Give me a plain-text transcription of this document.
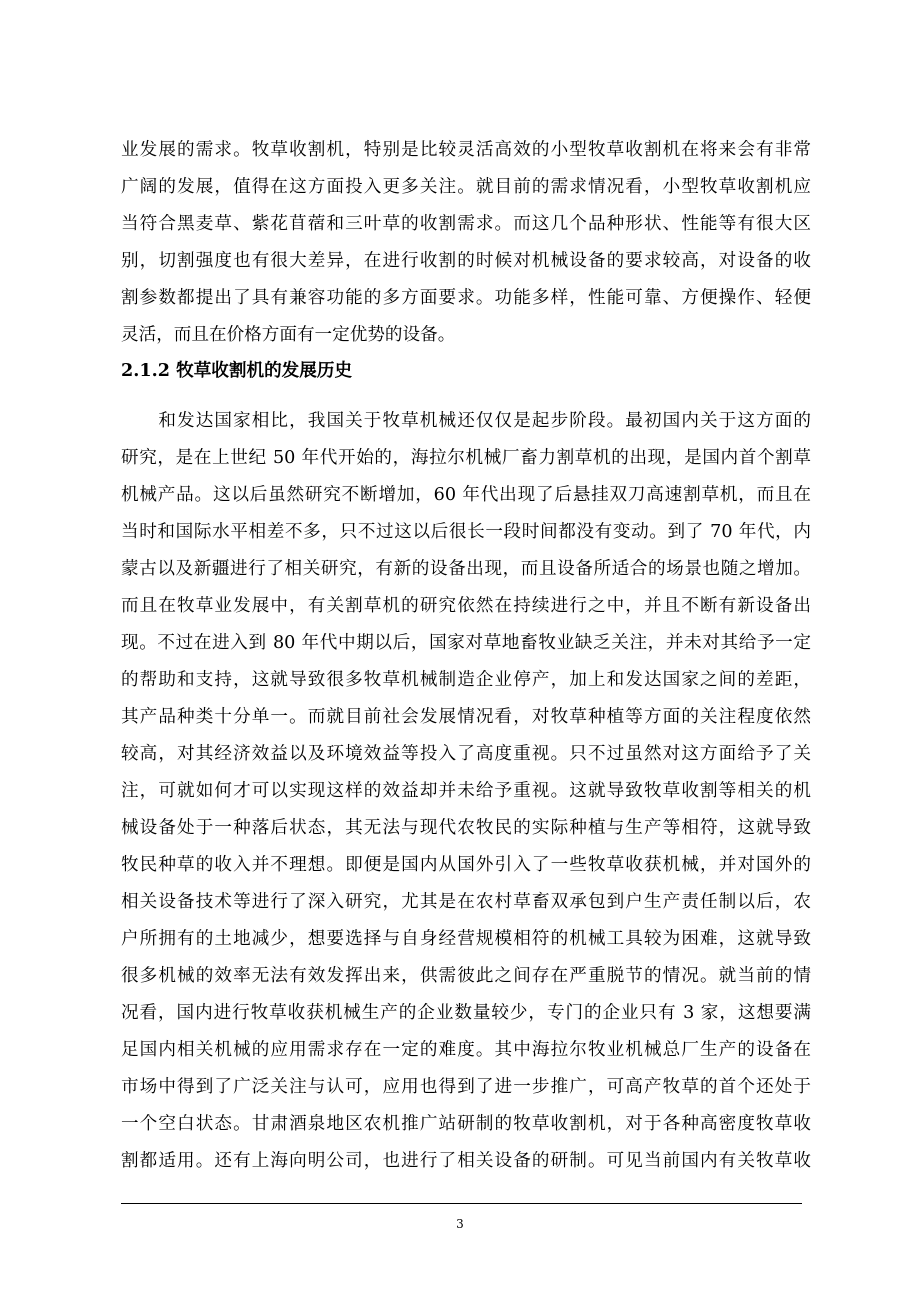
业发展的需求。牧草收割机，特别是比较灵活高效的小型牧草收割机在将来会有非常
广阔的发展，值得在这方面投入更多关注。就目前的需求情况看，小型牧草收割机应
当符合黑麦草、紫花苜蓿和三叶草的收割需求。而这几个品种形状、性能等有很大区
别，切割强度也有很大差异，在进行收割的时候对机械设备的要求较高，对设备的收
割参数都提出了具有兼容功能的多方面要求。功能多样，性能可靠、方便操作、轻便
灵活，而且在价格方面有一定优势的设备。
2.1.2 牧草收割机的发展历史
　　和发达国家相比，我国关于牧草机械还仅仅是起步阶段。最初国内关于这方面的
研究，是在上世纪 50 年代开始的，海拉尔机械厂畜力割草机的出现，是国内首个割草
机械产品。这以后虽然研究不断增加，60 年代出现了后悬挂双刀高速割草机，而且在
当时和国际水平相差不多，只不过这以后很长一段时间都没有变动。到了 70 年代，内
蒙古以及新疆进行了相关研究，有新的设备出现，而且设备所适合的场景也随之增加。
而且在牧草业发展中，有关割草机的研究依然在持续进行之中，并且不断有新设备出
现。不过在进入到 80 年代中期以后，国家对草地畜牧业缺乏关注，并未对其给予一定
的帮助和支持，这就导致很多牧草机械制造企业停产，加上和发达国家之间的差距，
其产品种类十分单一。而就目前社会发展情况看，对牧草种植等方面的关注程度依然
较高，对其经济效益以及环境效益等投入了高度重视。只不过虽然对这方面给予了关
注，可就如何才可以实现这样的效益却并未给予重视。这就导致牧草收割等相关的机
械设备处于一种落后状态，其无法与现代农牧民的实际种植与生产等相符，这就导致
牧民种草的收入并不理想。即便是国内从国外引入了一些牧草收获机械，并对国外的
相关设备技术等进行了深入研究，尤其是在农村草畜双承包到户生产责任制以后，农
户所拥有的土地减少，想要选择与自身经营规模相符的机械工具较为困难，这就导致
很多机械的效率无法有效发挥出来，供需彼此之间存在严重脱节的情况。就当前的情
况看，国内进行牧草收获机械生产的企业数量较少，专门的企业只有 3 家，这想要满
足国内相关机械的应用需求存在一定的难度。其中海拉尔牧业机械总厂生产的设备在
市场中得到了广泛关注与认可，应用也得到了进一步推广，可高产牧草的首个还处于
一个空白状态。甘肃酒泉地区农机推广站研制的牧草收割机，对于各种高密度牧草收
割都适用。还有上海向明公司，也进行了相关设备的研制。可见当前国内有关牧草收
3
